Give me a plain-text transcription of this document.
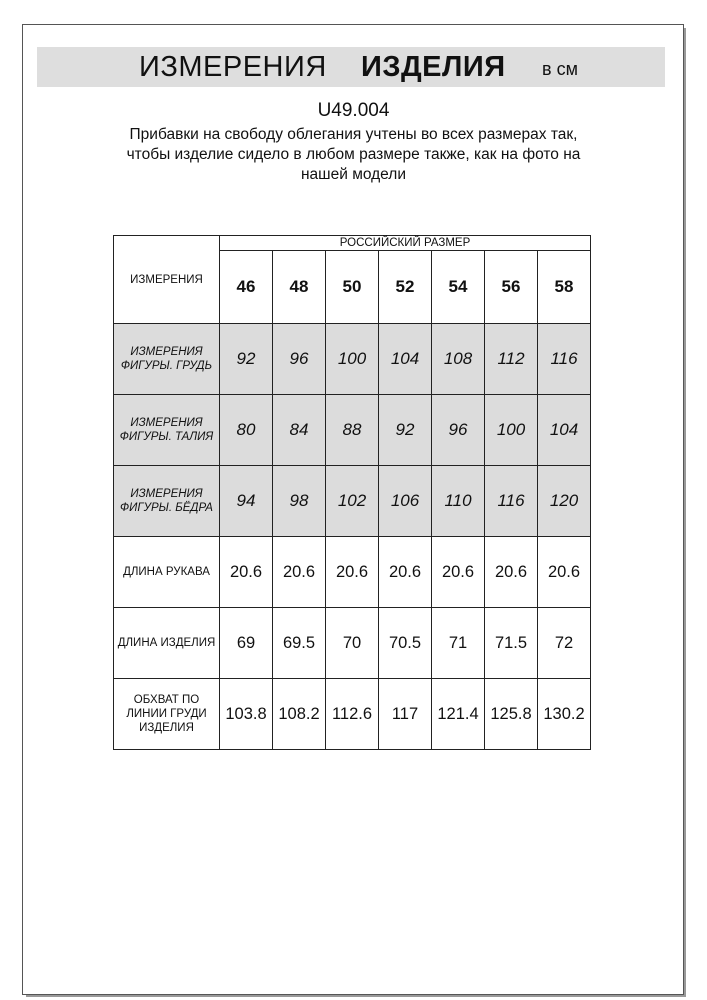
ИЗМЕРЕНИЯ ИЗДЕЛИЯ в см
U49.004
Прибавки на свободу облегания учтены во всех размерах так, чтобы изделие сидело в любом размере также, как на фото на нашей модели
ИЗМЕРЕНИЯ	РОССИЙСКИЙ РАЗМЕР						
	46	48	50	52	54	56	58

ИЗМЕРЕНИЯ
ФИГУРЫ. ГРУДЬ	92	96	100	104	108	112	116

ИЗМЕРЕНИЯ
ФИГУРЫ. ТАЛИЯ	80	84	88	92	96	100	104

ИЗМЕРЕНИЯ
ФИГУРЫ. БЁДРА	94	98	102	106	110	116	120

ДЛИНА РУКАВА	20.6	20.6	20.6	20.6	20.6	20.6	20.6

ДЛИНА ИЗДЕЛИЯ	69	69.5	70	70.5	71	71.5	72

ОБХВАТ ПО
ЛИНИИ ГРУДИ
ИЗДЕЛИЯ	103.8	108.2	112.6	117	121.4	125.8	130.2
